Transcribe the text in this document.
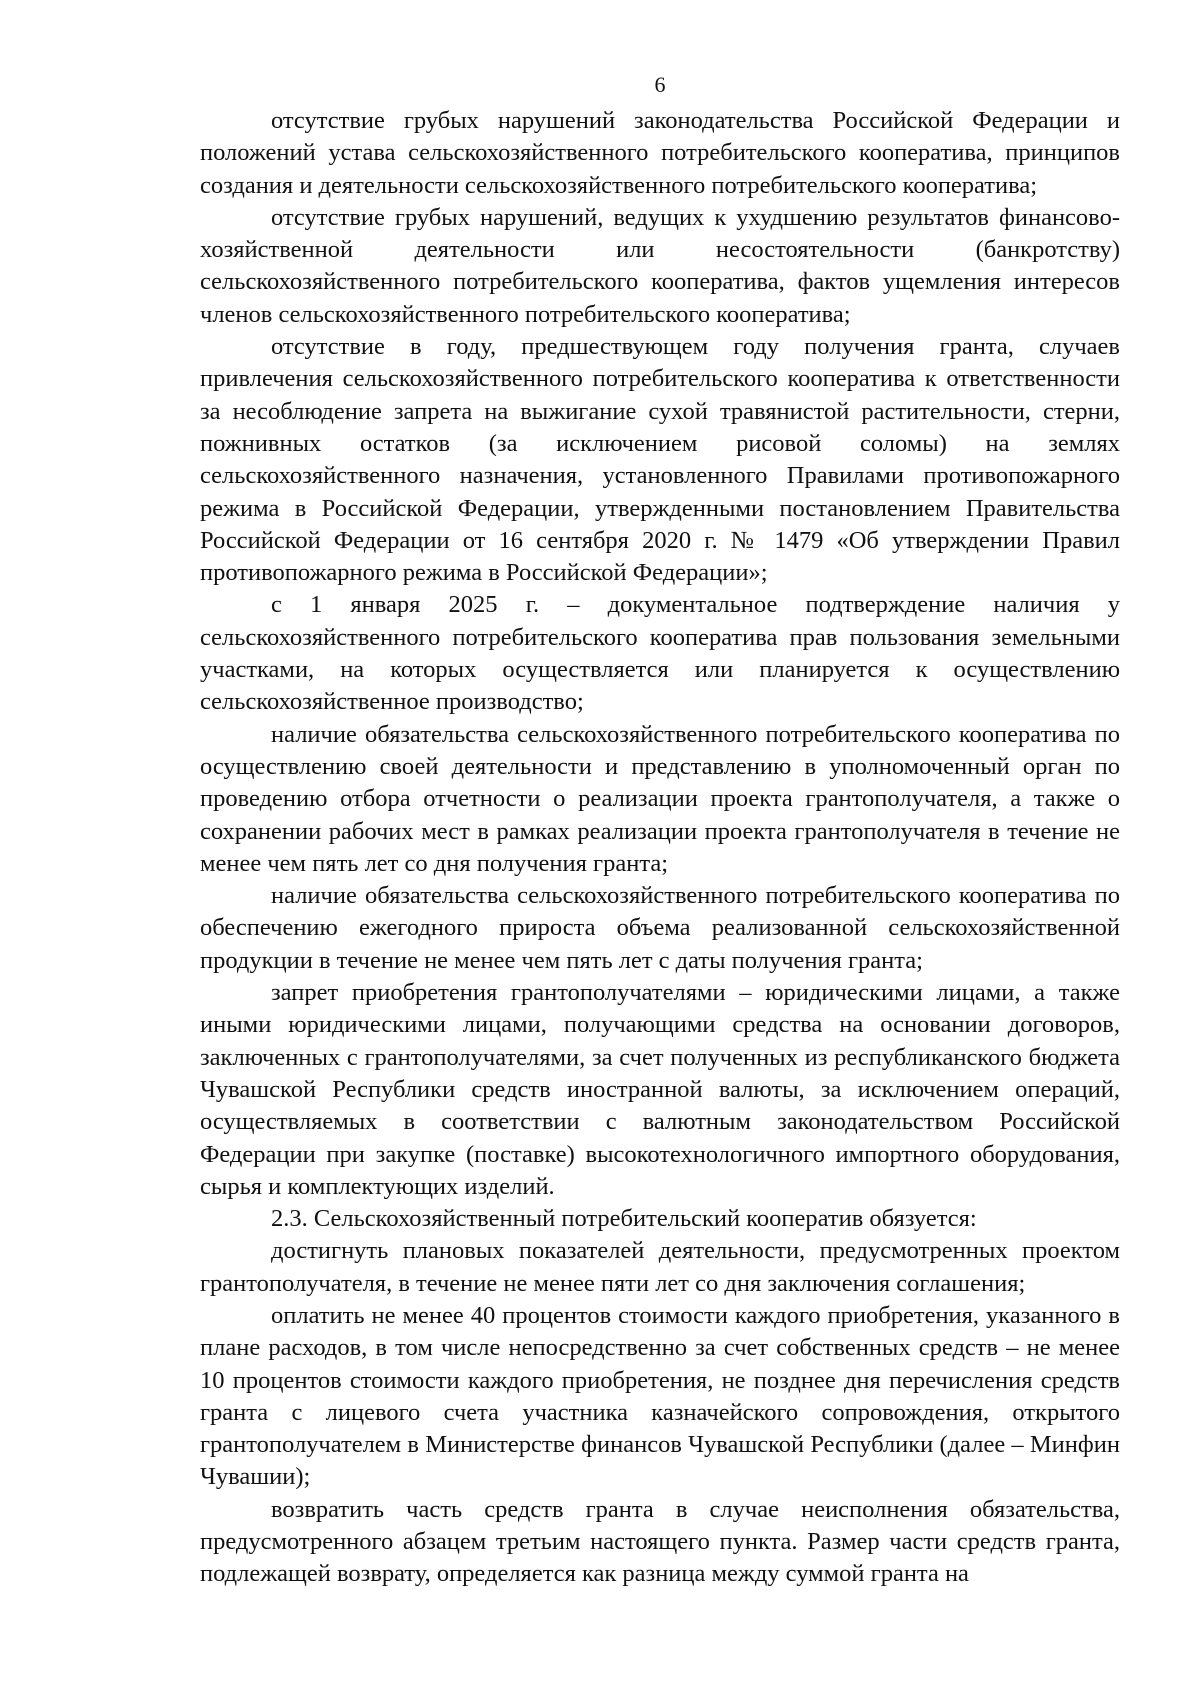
6

отсутствие грубых нарушений законодательства Российской Федерации и положений устава сельскохозяйственного потребительского кооператива, принципов создания и деятельности сельскохозяйственного потребительского кооператива;

отсутствие грубых нарушений, ведущих к ухудшению результатов финансово-хозяйственной деятельности или несостоятельности (банкротству) сельскохозяйственного потребительского кооператива, фактов ущемления интересов членов сельскохозяйственного потребительского кооператива;

отсутствие в году, предшествующем году получения гранта, случаев привлечения сельскохозяйственного потребительского кооператива к ответственности за несоблюдение запрета на выжигание сухой травянистой растительности, стерни, пожнивных остатков (за исключением рисовой соломы) на землях сельскохозяйственного назначения, установленного Правилами противопожарного режима в Российской Федерации, утвержденными постановлением Правительства Российской Федерации от 16 сентября 2020 г. № 1479 «Об утверждении Правил противопожарного режима в Российской Федерации»;

с 1 января 2025 г. – документальное подтверждение наличия у сельскохозяйственного потребительского кооператива прав пользования земельными участками, на которых осуществляется или планируется к осуществлению сельскохозяйственное производство;

наличие обязательства сельскохозяйственного потребительского кооператива по осуществлению своей деятельности и представлению в уполномоченный орган по проведению отбора отчетности о реализации проекта грантополучателя, а также о сохранении рабочих мест в рамках реализации проекта грантополучателя в течение не менее чем пять лет со дня получения гранта;

наличие обязательства сельскохозяйственного потребительского кооператива по обеспечению ежегодного прироста объема реализованной сельскохозяйственной продукции в течение не менее чем пять лет с даты получения гранта;

запрет приобретения грантополучателями – юридическими лицами, а также иными юридическими лицами, получающими средства на основании договоров, заключенных с грантополучателями, за счет полученных из республиканского бюджета Чувашской Республики средств иностранной валюты, за исключением операций, осуществляемых в соответствии с валютным законодательством Российской Федерации при закупке (поставке) высокотехнологичного импортного оборудования, сырья и комплектующих изделий.

2.3. Сельскохозяйственный потребительский кооператив обязуется:

достигнуть плановых показателей деятельности, предусмотренных проектом грантополучателя, в течение не менее пяти лет со дня заключения соглашения;

оплатить не менее 40 процентов стоимости каждого приобретения, указанного в плане расходов, в том числе непосредственно за счет собственных средств – не менее 10 процентов стоимости каждого приобретения, не позднее дня перечисления средств гранта с лицевого счета участника казначейского сопровождения, открытого грантополучателем в Министерстве финансов Чувашской Республики (далее – Минфин Чувашии);

возвратить часть средств гранта в случае неисполнения обязательства, предусмотренного абзацем третьим настоящего пункта. Размер части средств гранта, подлежащей возврату, определяется как разница между суммой гранта на
